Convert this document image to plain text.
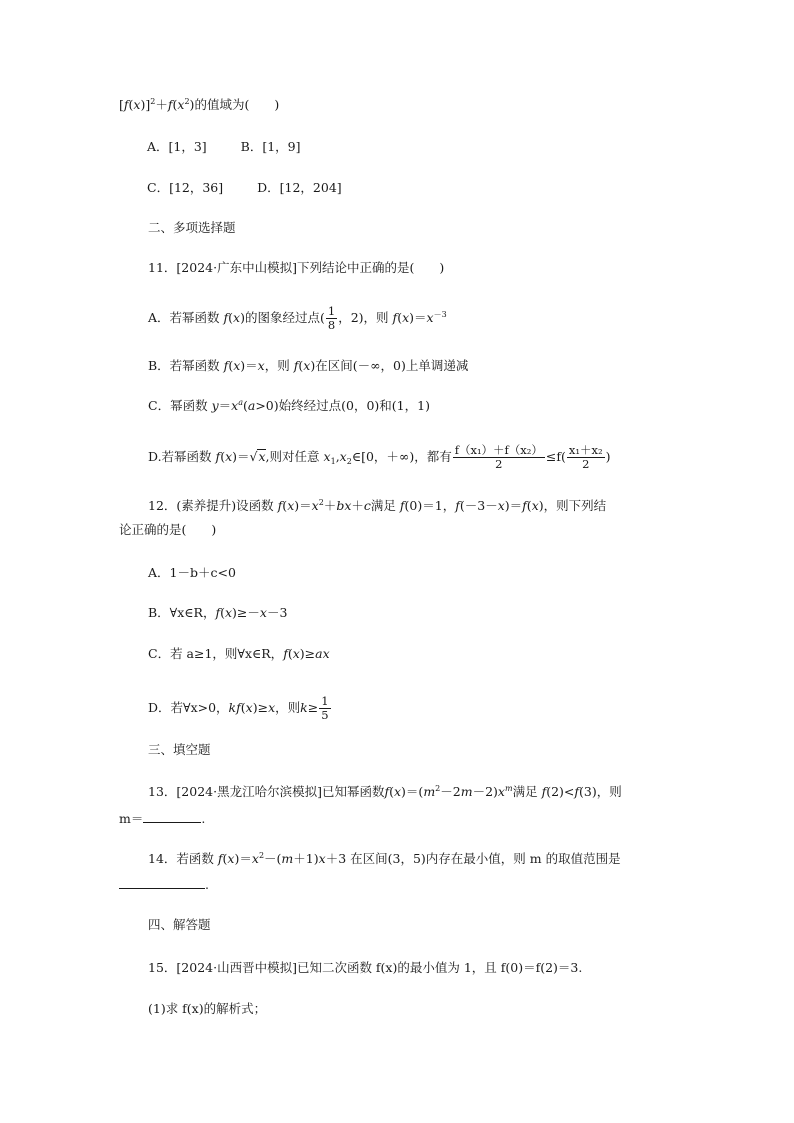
$[f(x)]^2+f(x^2)$的值域为(　　)
A．[1，3]	B．[1，9]
C．[12，36]	D．[12，204]
二、多项选择题
11．[2024·广东中山模拟]下列结论中正确的是(　　)
A．若幂函数 f(x)的图象经过点( $\frac{1}{8}$ ，2)，则 $f(x)=x^{-3}$
B．若幂函数 f(x)＝x，则 f(x)在区间(－∞，0)上单调递减
C．幂函数 $y=x^a(a>0)$始终经过点(0，0)和(1，1)
D.若幂函数 f(x)＝√x,则对任意 $x_1,x_2\in[0$，＋∞)，都有 $\frac{\text{f（x₁）＋f（x₂）}}{2} \le f( \frac{\text{x₁＋x₂}}{2}$ )
12．(素养提升)设函数 $f(x)=x^2+bx+c$满足 f(0)＝1，f(－3－x)＝f(x)，则下列结
论正确的是(　　)
A．1－b＋c<0
B．∀x∈R，f(x)≥－x－3
C．若 a≥1，则∀x∈R，f(x)≥ax
D．若∀x>0，kf(x)≥x，则$k\ge \frac{1}{5}$
三、填空题
13．[2024·黑龙江哈尔滨模拟]已知幂函数$f(x)=(m^2-2m-2)x^m$满足 f(2)<f(3)，则
m＝	.
14．若函数 $f(x)=x^2-(m+1)x+3$ 在区间(3，5)内存在最小值，则 m 的取值范围是
.
四、解答题
15．[2024·山西晋中模拟]已知二次函数 f(x)的最小值为 1，且 f(0)＝f(2)＝3.
(1)求 f(x)的解析式；
